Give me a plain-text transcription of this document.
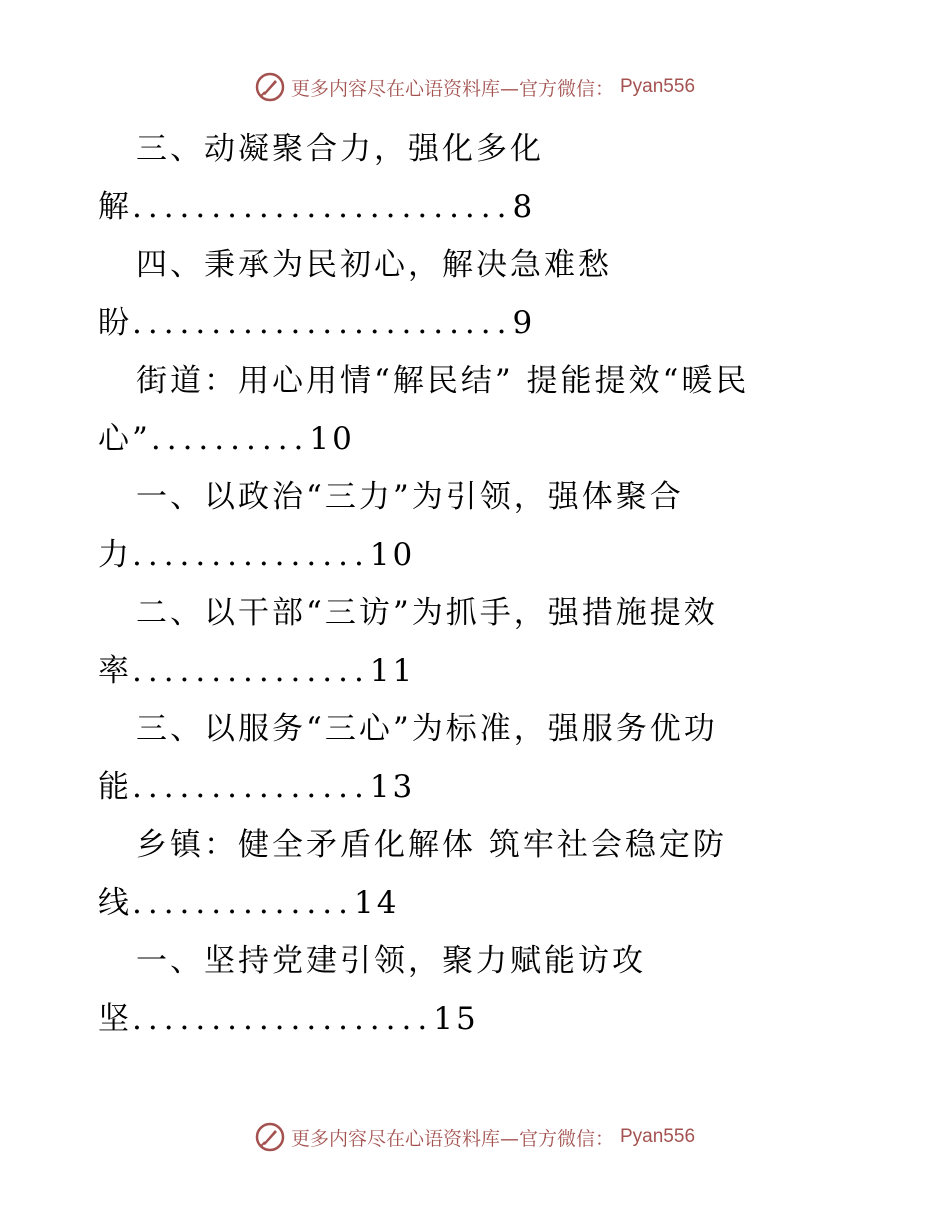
更多内容尽在心语资料库—官方微信： Pyan556
三、动凝聚合力，强化多化
解........................8
四、秉承为民初心，解决急难愁
盼........................9
街道：用心用情“解民结” 提能提效“暖民
心”..........10
一、以政治“三力”为引领，强体聚合
力...............10
二、以干部“三访”为抓手，强措施提效
率...............11
三、以服务“三心”为标准，强服务优功
能...............13
乡镇：健全矛盾化解体 筑牢社会稳定防
线..............14
一、坚持党建引领，聚力赋能访攻
坚...................15
更多内容尽在心语资料库—官方微信： Pyan556
